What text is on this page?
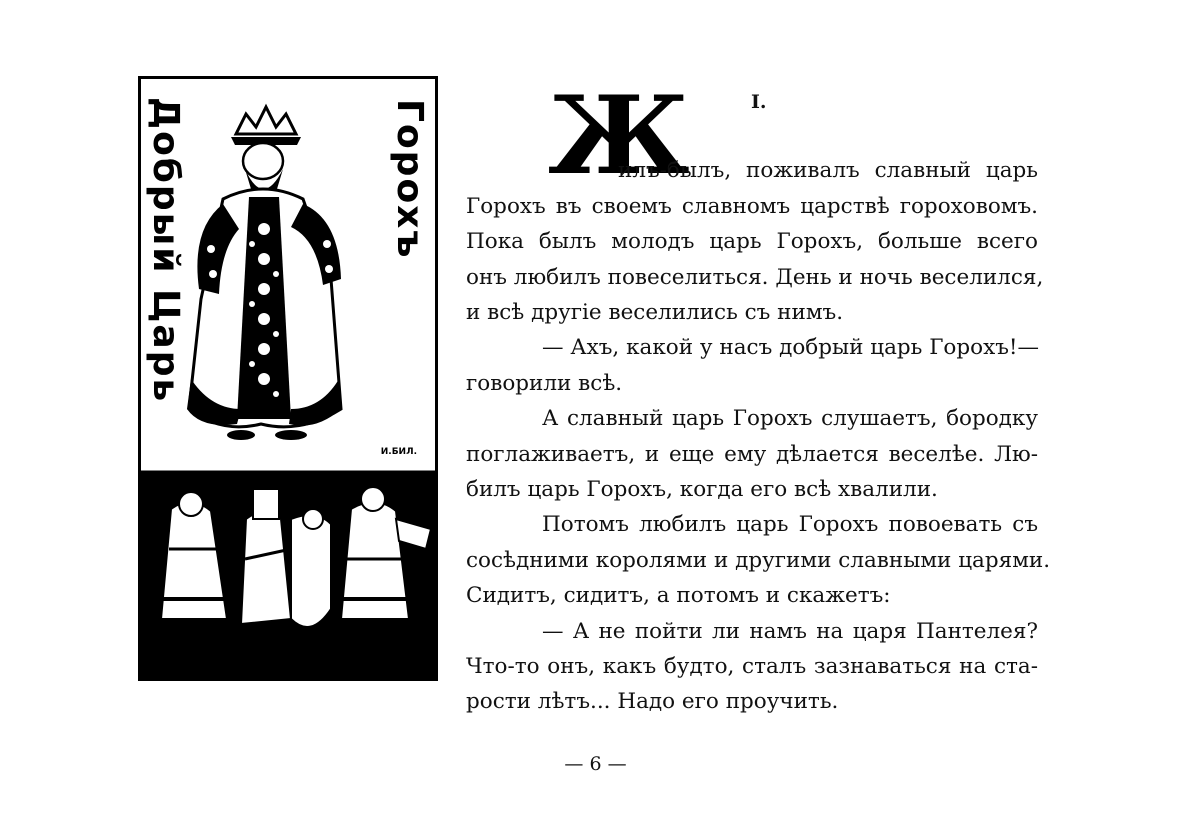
Добрый Царь	Горохъ
И.БИЛ.
I.
Ж
илъ-былъ, поживалъ славный царь
Горохъ въ своемъ славномъ царствѣ гороховомъ.
Пока былъ молодъ царь Горохъ, больше всего
онъ любилъ повеселиться. День и ночь веселился,
и всѣ другіе веселились съ нимъ.
— Ахъ, какой у насъ добрый царь Горохъ!—
говорили всѣ.
А славный царь Горохъ слушаетъ, бородку
поглаживаетъ, и еще ему дѣлается веселѣе. Лю-
билъ царь Горохъ, когда его всѣ хвалили.
Потомъ любилъ царь Горохъ повоевать съ
сосѣдними королями и другими славными царями.
Сидитъ, сидитъ, а потомъ и скажетъ:
— А не пойти ли намъ на царя Пантелея?
Что-то онъ, какъ будто, сталъ зазнаваться на ста-
рости лѣтъ... Надо его проучить.
— 6 —
